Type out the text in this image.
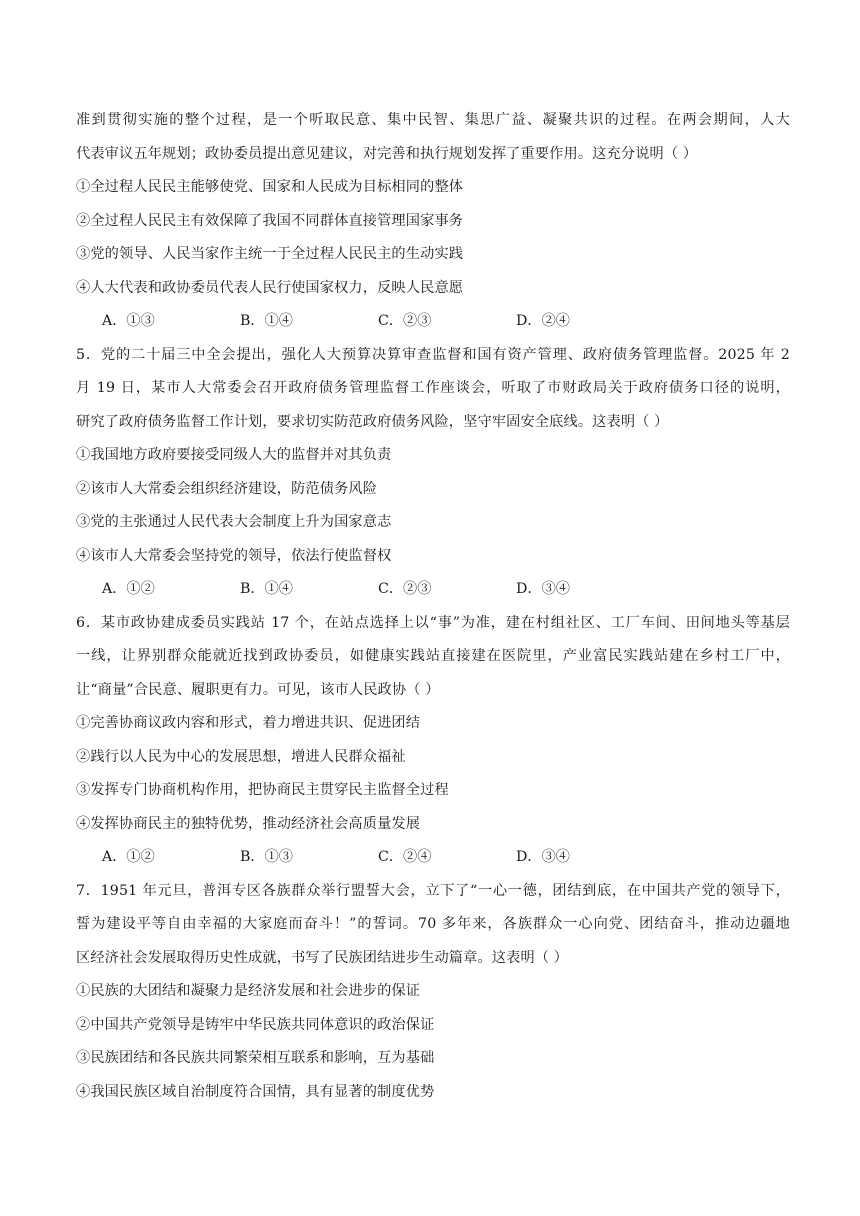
准到贯彻实施的整个过程，是一个听取民意、集中民智、集思广益、凝聚共识的过程。在两会期间，人大
代表审议五年规划；政协委员提出意见建议，对完善和执行规划发挥了重要作用。这充分说明（ ）
①全过程人民民主能够使党、国家和人民成为目标相同的整体
②全过程人民民主有效保障了我国不同群体直接管理国家事务
③党的领导、人民当家作主统一于全过程人民民主的生动实践
④人大代表和政协委员代表人民行使国家权力，反映人民意愿
A．①③	B．①④	C．②③	D．②④
5．党的二十届三中全会提出，强化人大预算决算审查监督和国有资产管理、政府债务管理监督。2025 年 2
月 19 日，某市人大常委会召开政府债务管理监督工作座谈会，听取了市财政局关于政府债务口径的说明，
研究了政府债务监督工作计划，要求切实防范政府债务风险，坚守牢固安全底线。这表明（ ）
①我国地方政府要接受同级人大的监督并对其负责
②该市人大常委会组织经济建设，防范债务风险
③党的主张通过人民代表大会制度上升为国家意志
④该市人大常委会坚持党的领导，依法行使监督权
A．①②	B．①④	C．②③	D．③④
6．某市政协建成委员实践站 17 个，在站点选择上以“事”为准，建在村组社区、工厂车间、田间地头等基层
一线，让界别群众能就近找到政协委员，如健康实践站直接建在医院里，产业富民实践站建在乡村工厂中，
让“商量”合民意、履职更有力。可见，该市人民政协（ ）
①完善协商议政内容和形式，着力增进共识、促进团结
②践行以人民为中心的发展思想，增进人民群众福祉
③发挥专门协商机构作用，把协商民主贯穿民主监督全过程
④发挥协商民主的独特优势，推动经济社会高质量发展
A．①②	B．①③	C．②④	D．③④
7．1951 年元旦，普洱专区各族群众举行盟誓大会，立下了“一心一德，团结到底，在中国共产党的领导下，
誓为建设平等自由幸福的大家庭而奋斗！”的誓词。70 多年来，各族群众一心向党、团结奋斗，推动边疆地
区经济社会发展取得历史性成就，书写了民族团结进步生动篇章。这表明（ ）
①民族的大团结和凝聚力是经济发展和社会进步的保证
②中国共产党领导是铸牢中华民族共同体意识的政治保证
③民族团结和各民族共同繁荣相互联系和影响，互为基础
④我国民族区域自治制度符合国情，具有显著的制度优势
